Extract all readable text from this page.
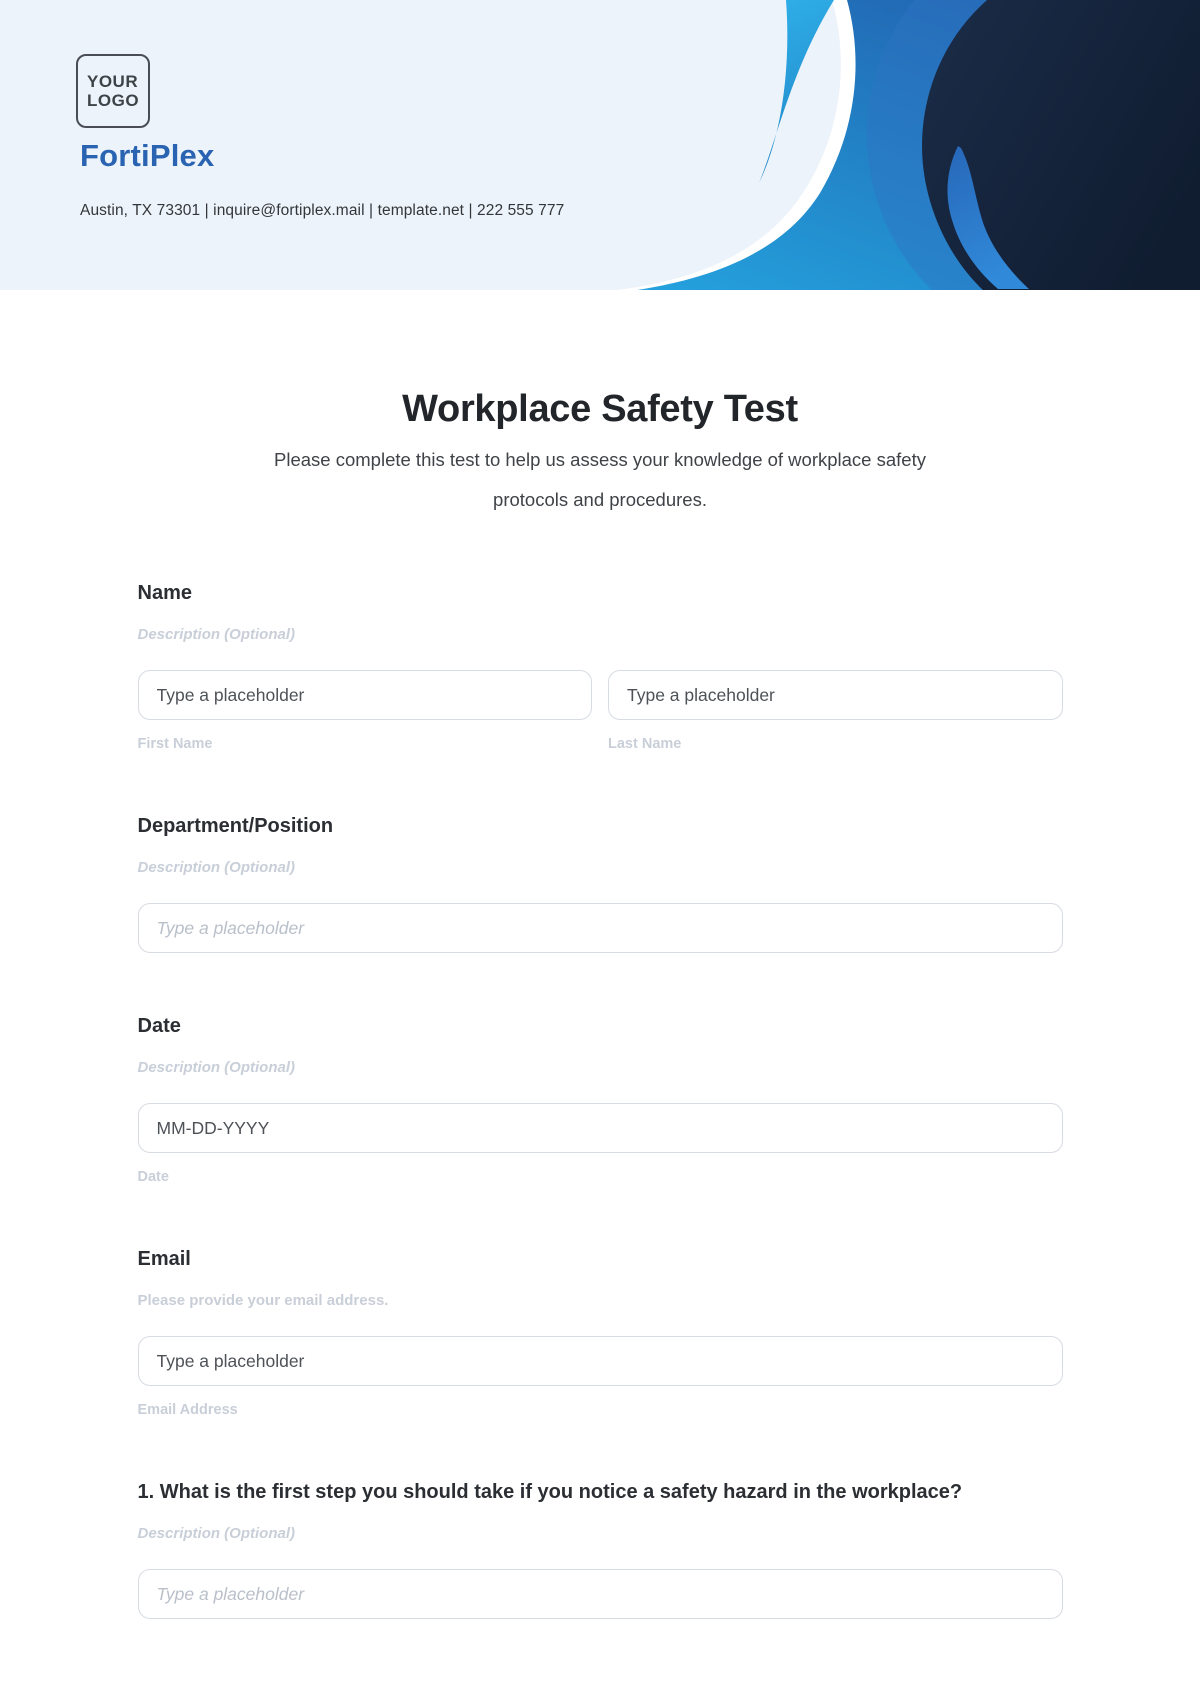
YOUR
LOGO
FortiPlex
Austin, TX 73301 | inquire@fortiplex.mail | template.net | 222 555 777
Workplace Safety Test
Please complete this test to help us assess your knowledge of workplace safety protocols and procedures.
Name
Description (Optional)
Type a placeholder
First Name
Type a placeholder	Last Name
Department/Position
Description (Optional)
Type a placeholder
Date
Description (Optional)
MM-DD-YYYY
Date
Email
Please provide your email address.
Type a placeholder
Email Address
1. What is the first step you should take if you notice a safety hazard in the workplace?
Description (Optional)
Type a placeholder
